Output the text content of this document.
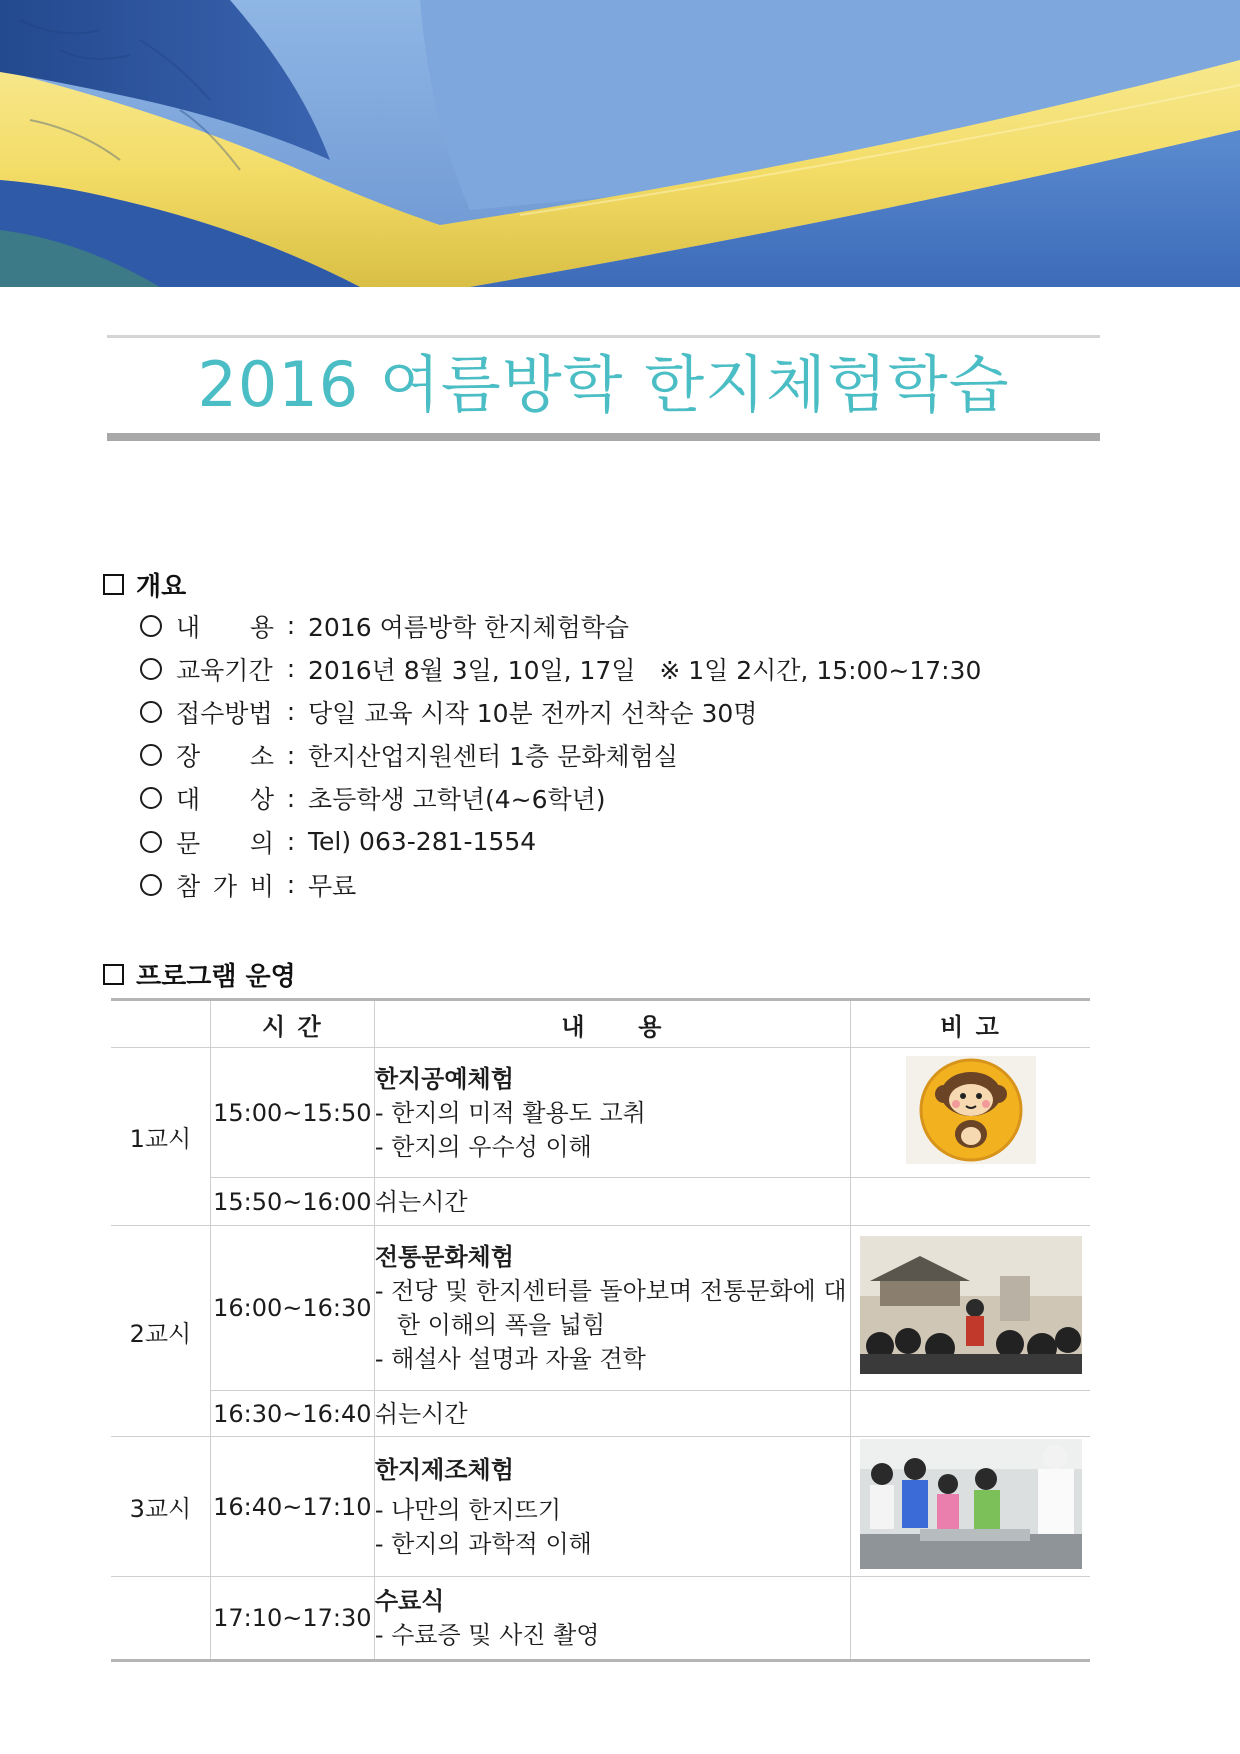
2016 여름방학 한지체험학습
개요
내 용 : 2016 여름방학 한지체험학습
교육기간 : 2016년 8월 3일, 10일, 17일   ※ 1일 2시간, 15:00~17:30
접수방법 : 당일 교육 시작 10분 전까지 선착순 30명
장 소 : 한지산업지원센터 1층 문화체험실
대 상 : 초등학생 고학년(4~6학년)
문 의 : Tel) 063-281-1554
참 가 비 : 무료
프로그램 운영
	시 간	내     용	비 고
1교시	15:00~15:50	한지공예체험
- 한지의 미적 활용도 고취
- 한지의 우수성 이해

	15:50~16:00	쉬는시간	

2교시	16:00~16:30	전통문화체험
- 전당 및 한지센터를 돌아보며 전통문화에 대한 이해의 폭을 넓힘
- 해설사 설명과 자율 견학

	16:30~16:40	쉬는시간	

3교시	16:40~17:10	한지제조체험
- 나만의 한지뜨기
- 한지의 과학적 이해

	17:10~17:30	수료식
- 수료증 및 사진 촬영	
